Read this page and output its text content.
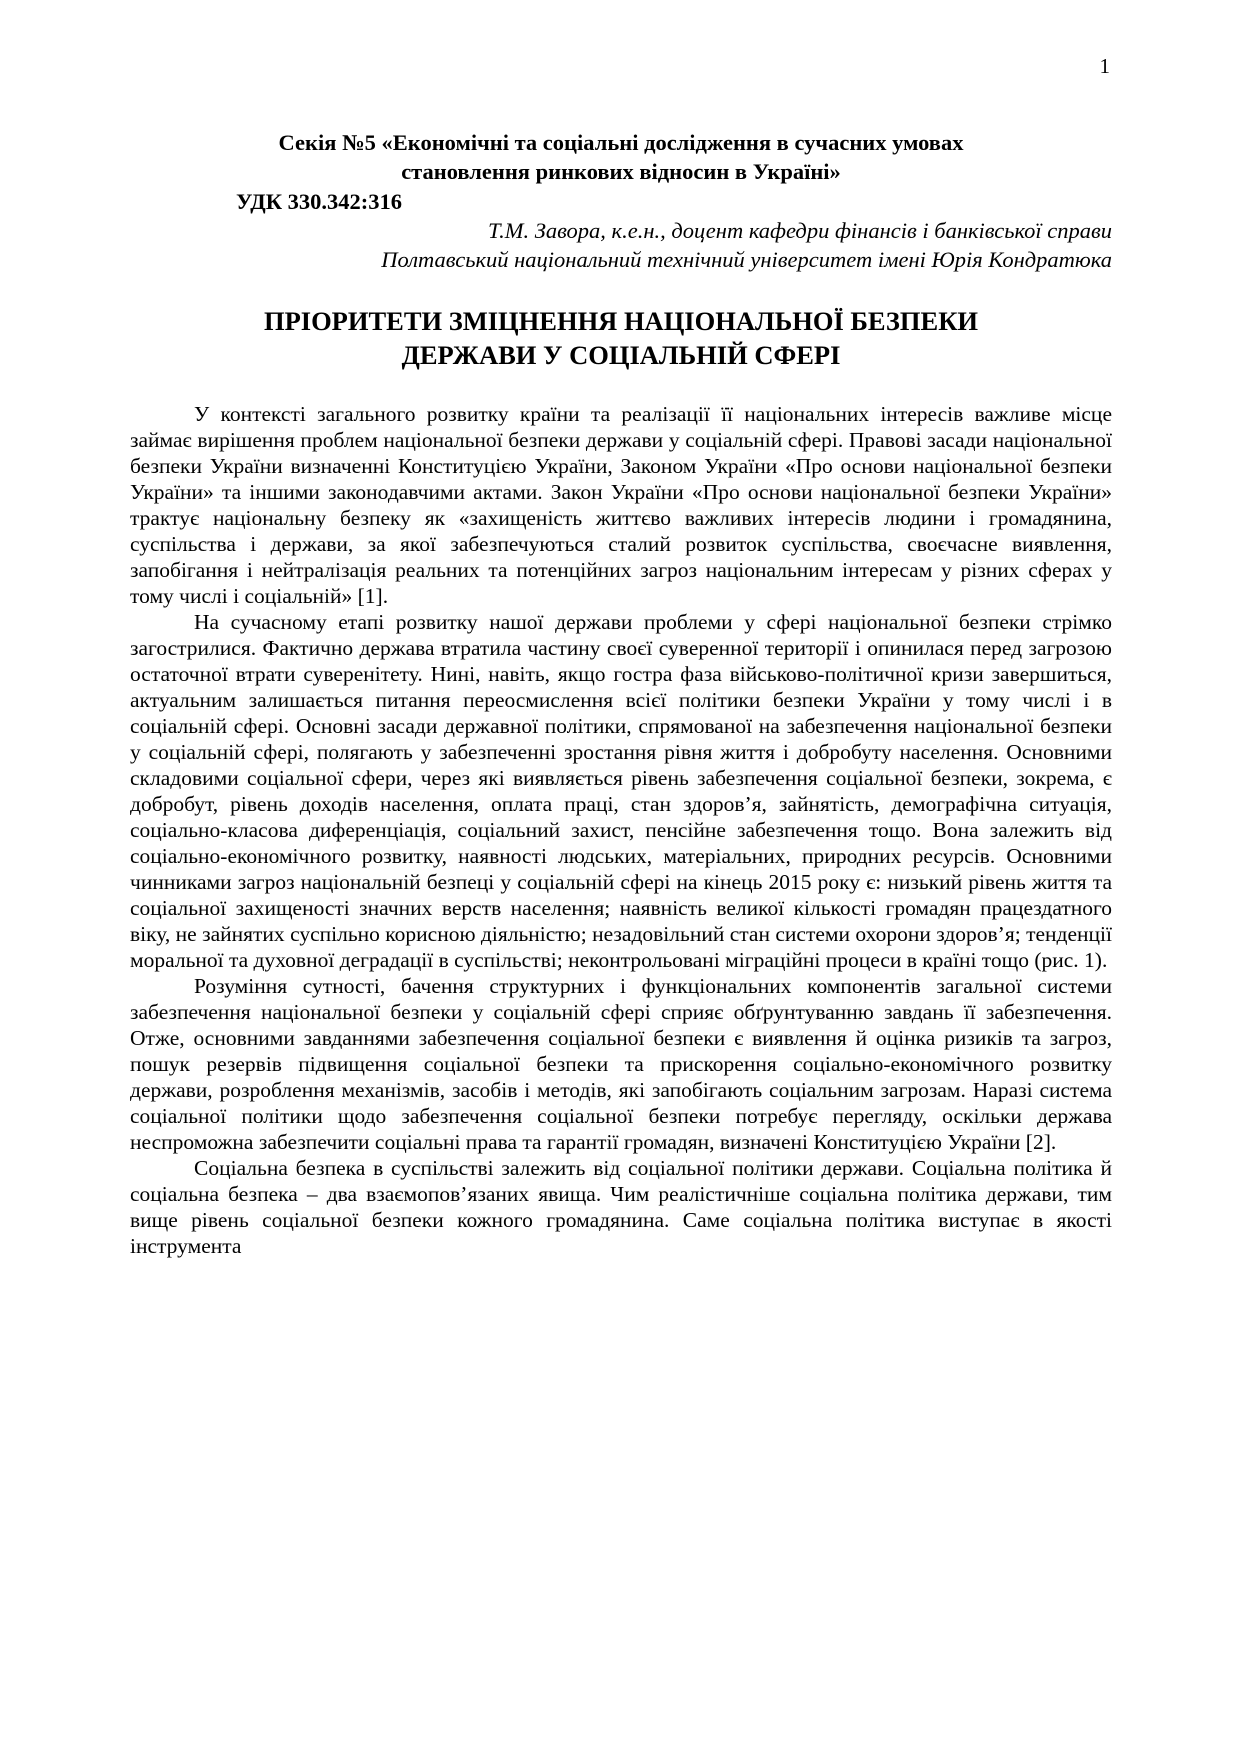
1
Секія №5 «Економічні та соціальні дослідження в сучасних умовах
становлення ринкових відносин в Україні»
УДК 330.342:316
Т.М. Завора, к.е.н., доцент кафедри фінансів і банківської справи
Полтавський національний технічний університет імені Юрія Кондратюка
ПРІОРИТЕТИ ЗМІЦНЕННЯ НАЦІОНАЛЬНОЇ БЕЗПЕКИ
ДЕРЖАВИ У СОЦІАЛЬНІЙ СФЕРІ

У контексті загального розвитку країни та реалізації її національних інтересів важливе місце займає вирішення проблем національної безпеки держави у соціальній сфері. Правові засади національної безпеки України визначенні Конституцією України, Законом України «Про основи національної безпеки України» та іншими законодавчими актами. Закон України «Про основи національної безпеки України» трактує національну безпеку як «захищеність життєво важливих інтересів людини і громадянина, суспільства і держави, за якої забезпечуються сталий розвиток суспільства, своєчасне виявлення, запобігання і нейтралізація реальних та потенційних загроз національним інтересам у різних сферах у тому числі і соціальній» [1].

На сучасному етапі розвитку нашої держави проблеми у сфері національної безпеки стрімко загострилися. Фактично держава втратила частину своєї суверенної території і опинилася перед загрозою остаточної втрати суверенітету. Нині, навіть, якщо гостра фаза військово-політичної кризи завершиться, актуальним залишається питання переосмислення всієї політики безпеки України у тому числі і в соціальній сфері. Основні засади державної політики, спрямованої на забезпечення національної безпеки у соціальній сфері, полягають у забезпеченні зростання рівня життя і добробуту населення. Основними складовими соціальної сфери, через які виявляється рівень забезпечення соціальної безпеки, зокрема, є добробут, рівень доходів населення, оплата праці, стан здоров’я, зайнятість, демографічна ситуація, соціально-класова диференціація, соціальний захист, пенсійне забезпечення тощо. Вона залежить від соціально-економічного розвитку, наявності людських, матеріальних, природних ресурсів. Основними чинниками загроз національній безпеці у соціальній сфері на кінець 2015 року є: низький рівень життя та соціальної захищеності значних верств населення; наявність великої кількості громадян працездатного віку, не зайнятих суспільно корисною діяльністю; незадовільний стан системи охорони здоров’я; тенденції моральної та духовної деградації в суспільстві; неконтрольовані міграційні процеси в країні тощо (рис. 1).

Розуміння сутності, бачення структурних і функціональних компонентів загальної системи забезпечення національної безпеки у соціальній сфері сприяє обґрунтуванню завдань її забезпечення. Отже, основними завданнями забезпечення соціальної безпеки є виявлення й оцінка ризиків та загроз, пошук резервів підвищення соціальної безпеки та прискорення соціально-економічного розвитку держави, розроблення механізмів, засобів і методів, які запобігають соціальним загрозам. Наразі система соціальної політики щодо забезпечення соціальної безпеки потребує перегляду, оскільки держава неспроможна забезпечити соціальні права та гарантії громадян, визначені Конституцією України [2].

Соціальна безпека в суспільстві залежить від соціальної політики держави. Соціальна політика й соціальна безпека – два взаємопов’язаних явища. Чим реалістичніше соціальна політика держави, тим вище рівень соціальної безпеки кожного громадянина. Саме соціальна політика виступає в якості інструмента
